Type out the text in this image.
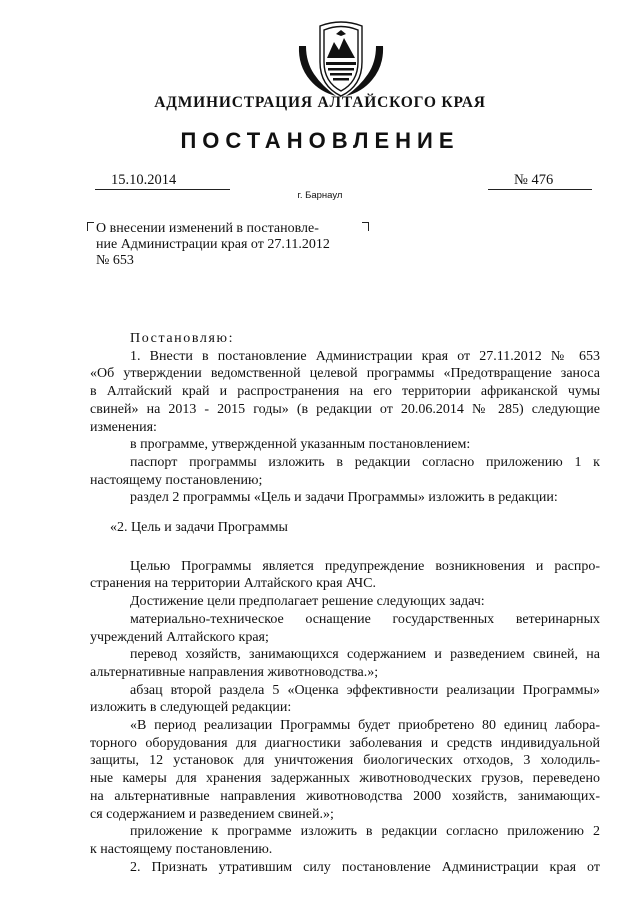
АДМИНИСТРАЦИЯ АЛТАЙСКОГО КРАЯ
ПОСТАНОВЛЕНИЕ
15.10.2014	№ 476
г. Барнаул
О внесении изменений в постановле-
ние Администрации края от 27.11.2012
№ 653

Постановляю:

1. Внести в постановление Администрации края от 27.11.2012 № 653

«Об утверждении ведомственной целевой программы «Предотвращение заноса

в Алтайский край и распространения на его территории африканской чумы

свиней» на 2013 - 2015 годы» (в редакции от 20.06.2014 № 285) следующие

изменения:

в программе, утвержденной указанным постановлением:

паспорт программы изложить в редакции согласно приложению 1 к

настоящему постановлению;

раздел 2 программы «Цель и задачи Программы» изложить в редакции:

«2. Цель и задачи Программы

Целью Программы является предупреждение возникновения и распро-

странения на территории Алтайского края АЧС.

Достижение цели предполагает решение следующих задач:

материально-техническое оснащение государственных ветеринарных

учреждений Алтайского края;

перевод хозяйств, занимающихся содержанием и разведением свиней, на

альтернативные направления животноводства.»;

абзац второй раздела 5 «Оценка эффективности реализации Программы»

изложить в следующей редакции:

«В период реализации Программы будет приобретено 80 единиц лабора-

торного оборудования для диагностики заболевания и средств индивидуальной

защиты, 12 установок для уничтожения биологических отходов, 3 холодиль-

ные камеры для хранения задержанных животноводческих грузов, переведено

на альтернативные направления животноводства 2000 хозяйств, занимающих-

ся содержанием и разведением свиней.»;

приложение к программе изложить в редакции согласно приложению 2

к настоящему постановлению.

2. Признать утратившим силу постановление Администрации края от
